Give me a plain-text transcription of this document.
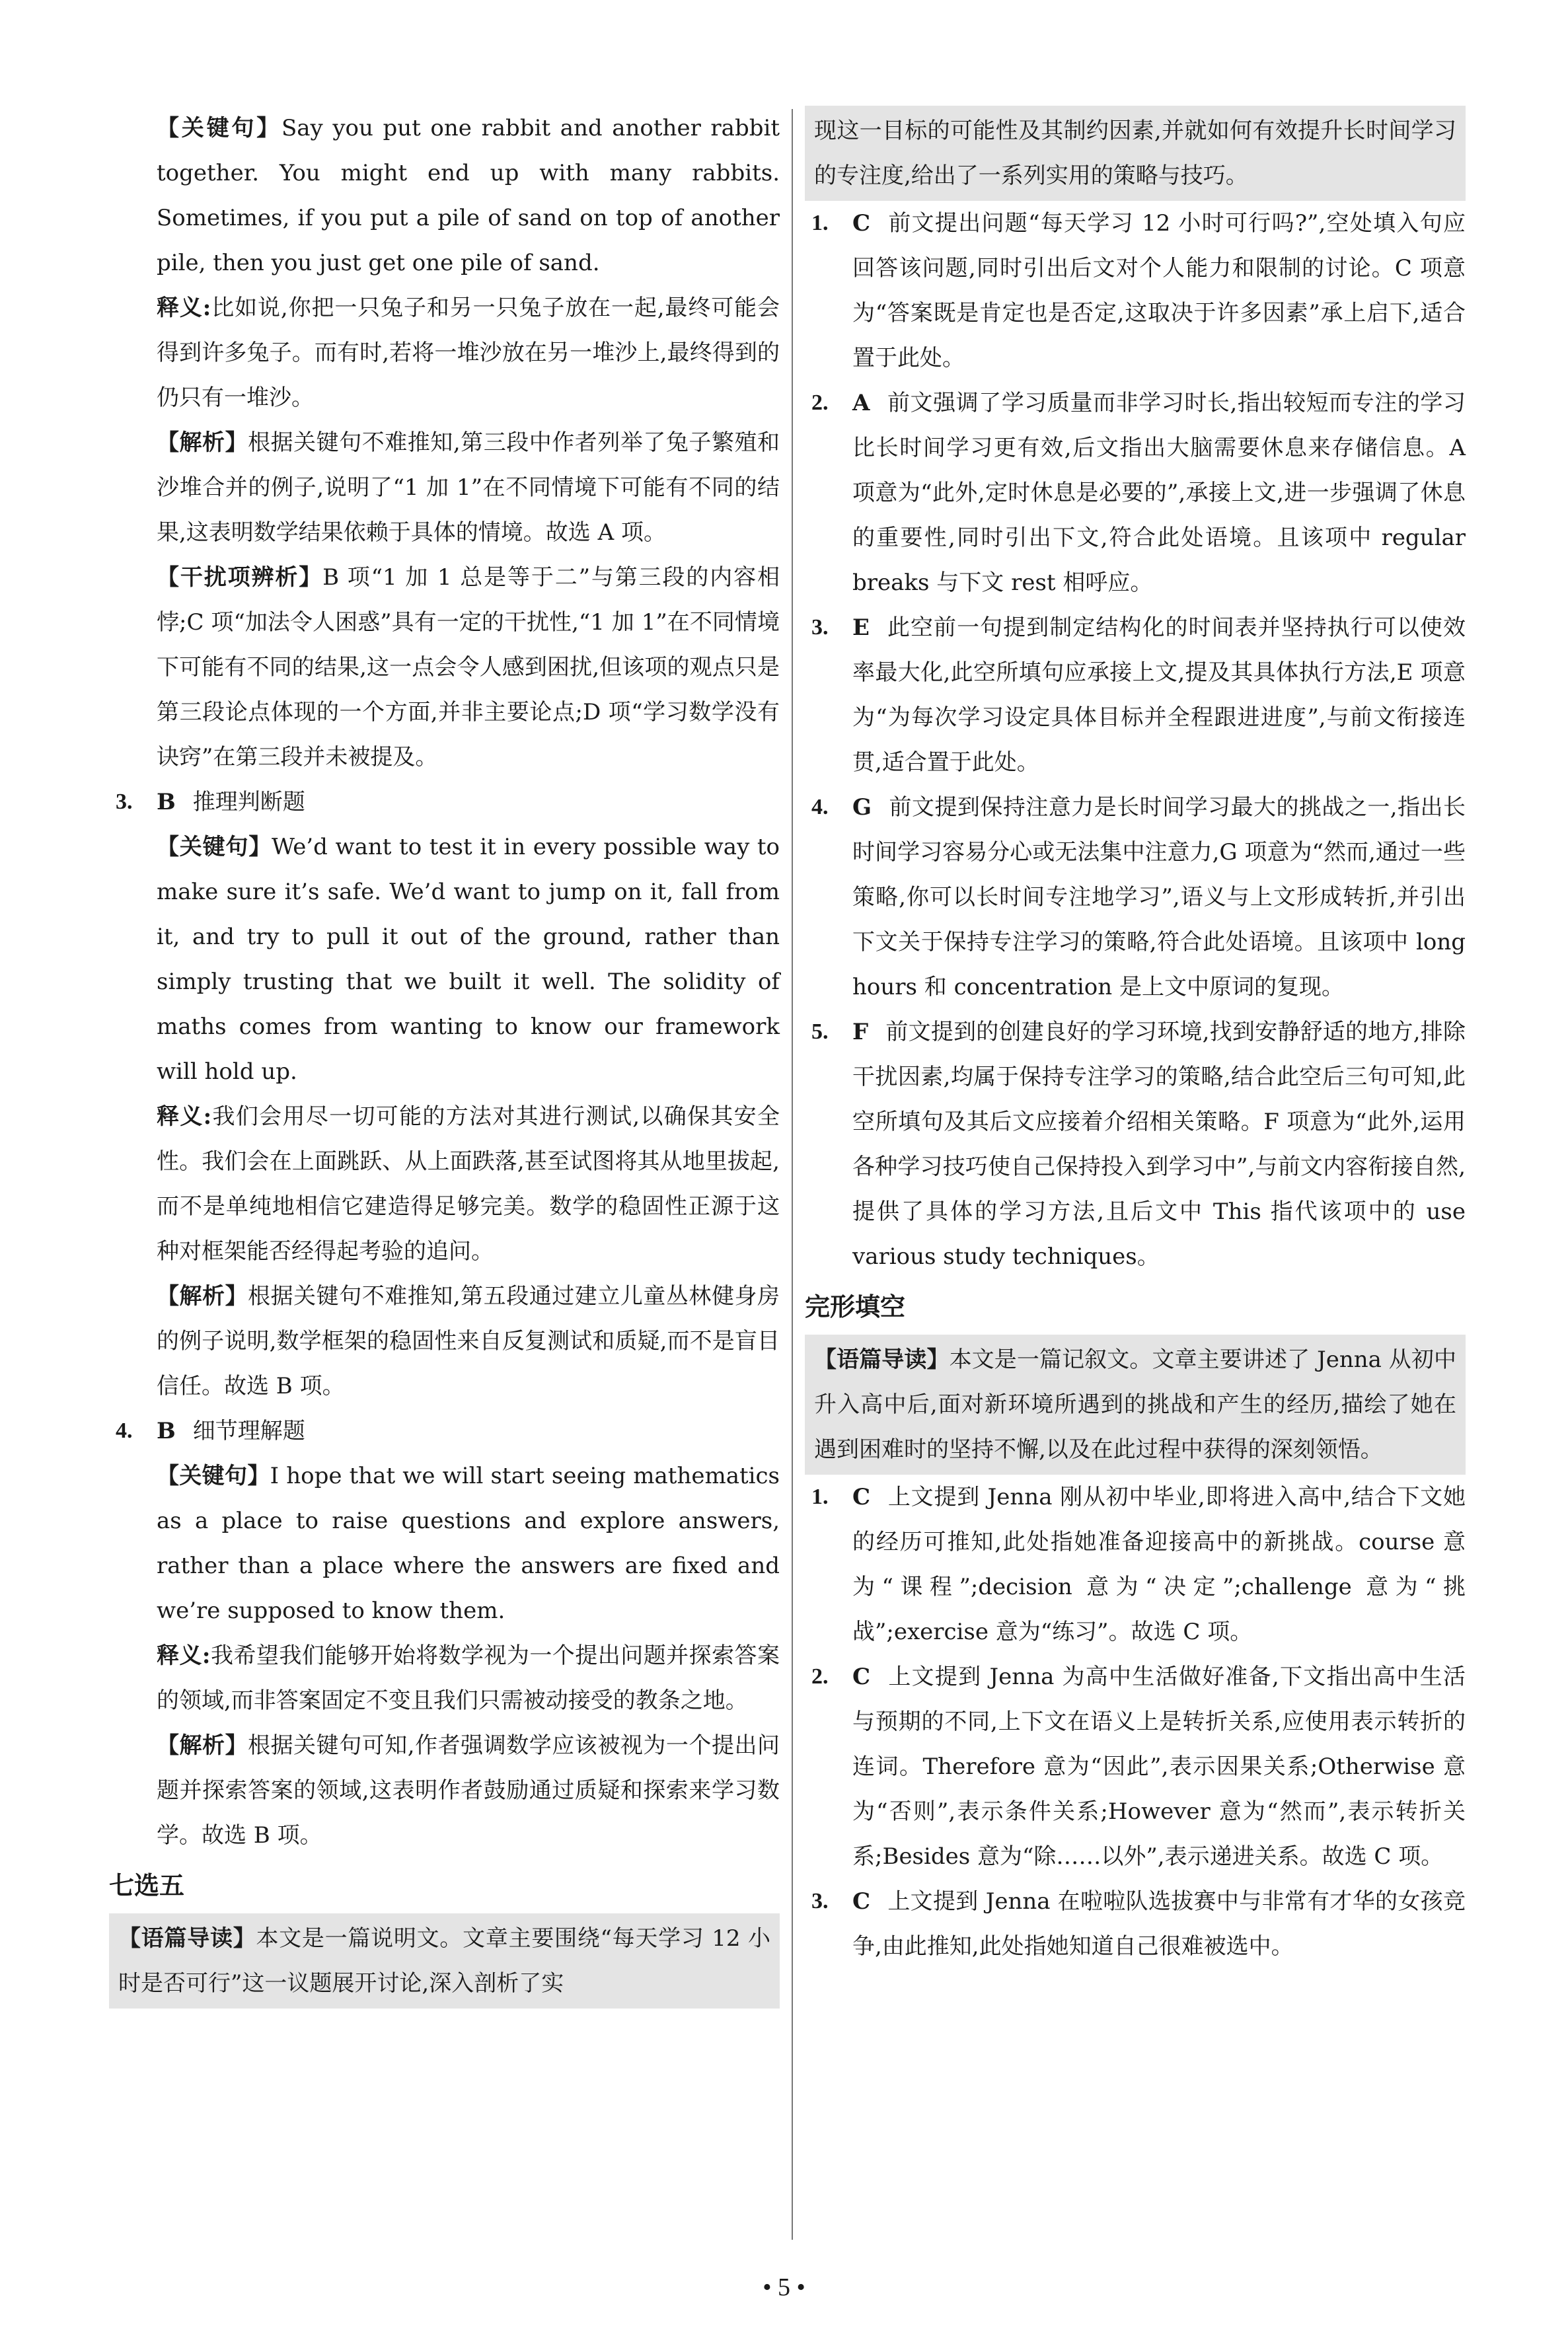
【关键句】Say you put one rabbit and another rabbit together. You might end up with many rabbits. Sometimes, if you put a pile of sand on top of another pile, then you just get one pile of sand.

释义:比如说,你把一只兔子和另一只兔子放在一起,最终可能会得到许多兔子。而有时,若将一堆沙放在另一堆沙上,最终得到的仍只有一堆沙。

【解析】根据关键句不难推知,第三段中作者列举了兔子繁殖和沙堆合并的例子,说明了“1 加 1”在不同情境下可能有不同的结果,这表明数学结果依赖于具体的情境。故选 A 项。

【干扰项辨析】B 项“1 加 1 总是等于二”与第三段的内容相悖;C 项“加法令人困惑”具有一定的干扰性,“1 加 1”在不同情境下可能有不同的结果,这一点会令人感到困扰,但该项的观点只是第三段论点体现的一个方面,并非主要论点;D 项“学习数学没有诀窍”在第三段并未被提及。

3.	B 推理判断题

【关键句】We’d want to test it in every possible way to make sure it’s safe. We’d want to jump on it, fall from it, and try to pull it out of the ground, rather than simply trusting that we built it well. The solidity of maths comes from wanting to know our framework will hold up.

释义:我们会用尽一切可能的方法对其进行测试,以确保其安全性。我们会在上面跳跃、从上面跌落,甚至试图将其从地里拔起,而不是单纯地相信它建造得足够完美。数学的稳固性正源于这种对框架能否经得起考验的追问。

【解析】根据关键句不难推知,第五段通过建立儿童丛林健身房的例子说明,数学框架的稳固性来自反复测试和质疑,而不是盲目信任。故选 B 项。

4.	B 细节理解题

【关键句】I hope that we will start seeing mathematics as a place to raise questions and explore answers, rather than a place where the answers are fixed and we’re supposed to know them.

释义:我希望我们能够开始将数学视为一个提出问题并探索答案的领域,而非答案固定不变且我们只需被动接受的教条之地。

【解析】根据关键句可知,作者强调数学应该被视为一个提出问题并探索答案的领域,这表明作者鼓励通过质疑和探索来学习数学。故选 B 项。

七选五
【语篇导读】本文是一篇说明文。文章主要围绕“每天学习 12 小时是否可行”这一议题展开讨论,深入剖析了实
现这一目标的可能性及其制约因素,并就如何有效提升长时间学习的专注度,给出了一系列实用的策略与技巧。
1.	C 前文提出问题“每天学习 12 小时可行吗?”,空处填入句应回答该问题,同时引出后文对个人能力和限制的讨论。C 项意为“答案既是肯定也是否定,这取决于许多因素”承上启下,适合置于此处。
2.	A 前文强调了学习质量而非学习时长,指出较短而专注的学习比长时间学习更有效,后文指出大脑需要休息来存储信息。A 项意为“此外,定时休息是必要的”,承接上文,进一步强调了休息的重要性,同时引出下文,符合此处语境。且该项中 regular breaks 与下文 rest 相呼应。
3.	E 此空前一句提到制定结构化的时间表并坚持执行可以使效率最大化,此空所填句应承接上文,提及其具体执行方法,E 项意为“为每次学习设定具体目标并全程跟进进度”,与前文衔接连贯,适合置于此处。
4.	G 前文提到保持注意力是长时间学习最大的挑战之一,指出长时间学习容易分心或无法集中注意力,G 项意为“然而,通过一些策略,你可以长时间专注地学习”,语义与上文形成转折,并引出下文关于保持专注学习的策略,符合此处语境。且该项中 long hours 和 concentration 是上文中原词的复现。
5.	F 前文提到的创建良好的学习环境,找到安静舒适的地方,排除干扰因素,均属于保持专注学习的策略,结合此空后三句可知,此空所填句及其后文应接着介绍相关策略。F 项意为“此外,运用各种学习技巧使自己保持投入到学习中”,与前文内容衔接自然,提供了具体的学习方法,且后文中 This 指代该项中的 use various study techniques。
完形填空
【语篇导读】本文是一篇记叙文。文章主要讲述了 Jenna 从初中升入高中后,面对新环境所遇到的挑战和产生的经历,描绘了她在遇到困难时的坚持不懈,以及在此过程中获得的深刻领悟。
1.	C 上文提到 Jenna 刚从初中毕业,即将进入高中,结合下文她的经历可推知,此处指她准备迎接高中的新挑战。course 意为“课程”;decision 意为“决定”;challenge 意为“挑战”;exercise 意为“练习”。故选 C 项。
2.	C 上文提到 Jenna 为高中生活做好准备,下文指出高中生活与预期的不同,上下文在语义上是转折关系,应使用表示转折的连词。Therefore 意为“因此”,表示因果关系;Otherwise 意为“否则”,表示条件关系;However 意为“然而”,表示转折关系;Besides 意为“除……以外”,表示递进关系。故选 C 项。
3.	C 上文提到 Jenna 在啦啦队选拔赛中与非常有才华的女孩竞争,由此推知,此处指她知道自己很难被选中。
• 5 •
